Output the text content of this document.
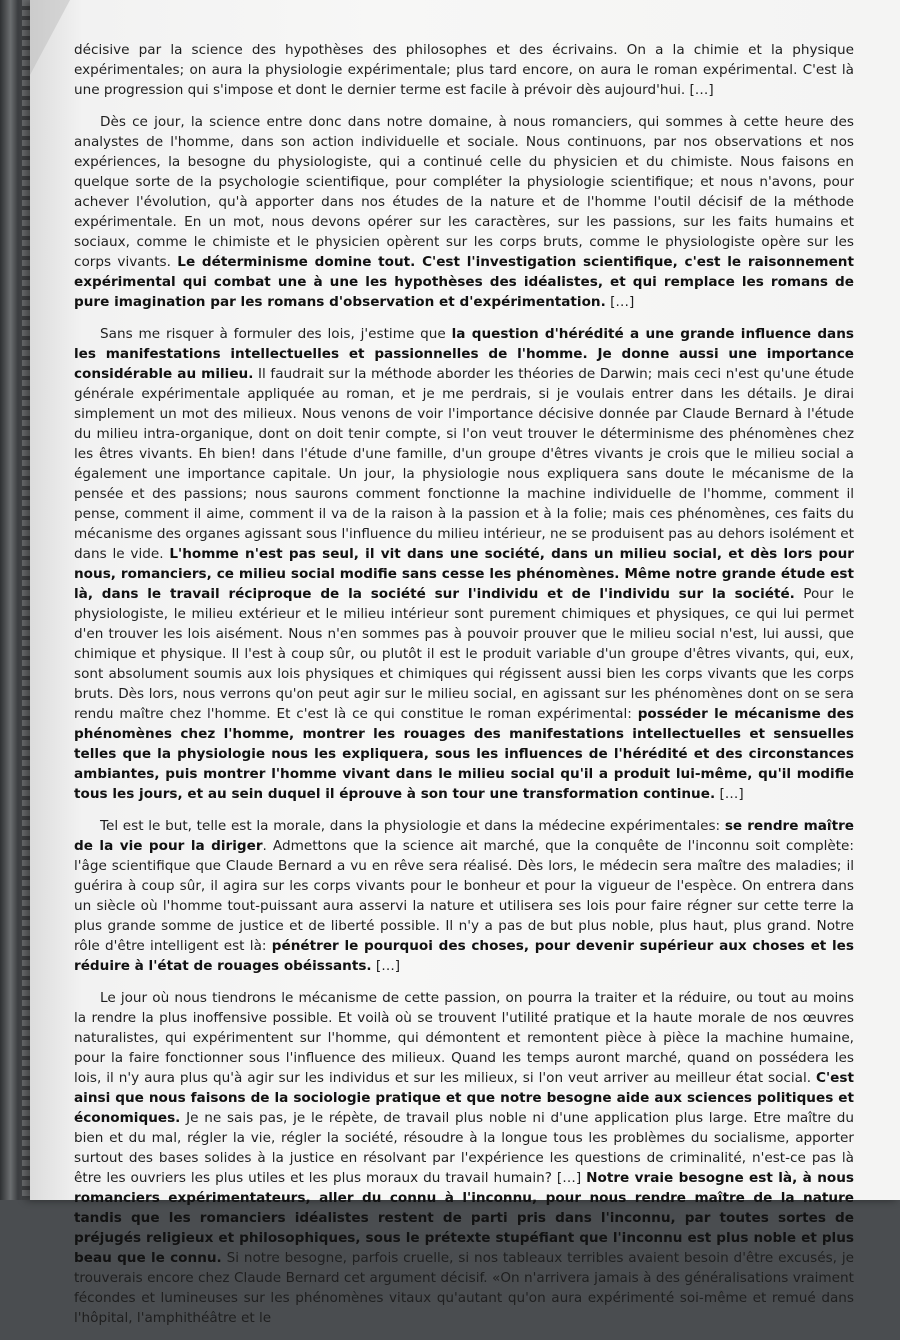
décisive par la science des hypothèses des philosophes et des écrivains. On a la chimie et la physique expérimentales; on aura la physiologie expérimentale; plus tard encore, on aura le roman expérimental. C'est là une progression qui s'impose et dont le dernier terme est facile à prévoir dès aujourd'hui. […]

Dès ce jour, la science entre donc dans notre domaine, à nous romanciers, qui sommes à cette heure des analystes de l'homme, dans son action individuelle et sociale. Nous continuons, par nos observations et nos expériences, la besogne du physiologiste, qui a continué celle du physicien et du chimiste. Nous faisons en quelque sorte de la psychologie scientifique, pour compléter la physiologie scientifique; et nous n'avons, pour achever l'évolution, qu'à apporter dans nos études de la nature et de l'homme l'outil décisif de la méthode expérimentale. En un mot, nous devons opérer sur les caractères, sur les passions, sur les faits humains et sociaux, comme le chimiste et le physicien opèrent sur les corps bruts, comme le physiologiste opère sur les corps vivants. Le déterminisme domine tout. C'est l'investigation scientifique, c'est le raisonnement expérimental qui combat une à une les hypothèses des idéalistes, et qui remplace les romans de pure imagination par les romans d'observation et d'expérimentation. […]

Sans me risquer à formuler des lois, j'estime que la question d'hérédité a une grande influence dans les manifestations intellectuelles et passionnelles de l'homme. Je donne aussi une importance considérable au milieu. Il faudrait sur la méthode aborder les théories de Darwin; mais ceci n'est qu'une étude générale expérimentale appliquée au roman, et je me perdrais, si je voulais entrer dans les détails. Je dirai simplement un mot des milieux. Nous venons de voir l'importance décisive donnée par Claude Bernard à l'étude du milieu intra-organique, dont on doit tenir compte, si l'on veut trouver le déterminisme des phénomènes chez les êtres vivants. Eh bien! dans l'étude d'une famille, d'un groupe d'êtres vivants je crois que le milieu social a également une importance capitale. Un jour, la physiologie nous expliquera sans doute le mécanisme de la pensée et des passions; nous saurons comment fonctionne la machine individuelle de l'homme, comment il pense, comment il aime, comment il va de la raison à la passion et à la folie; mais ces phénomènes, ces faits du mécanisme des organes agissant sous l'influence du milieu intérieur, ne se produisent pas au dehors isolément et dans le vide. L'homme n'est pas seul, il vit dans une société, dans un milieu social, et dès lors pour nous, romanciers, ce milieu social modifie sans cesse les phénomènes. Même notre grande étude est là, dans le travail réciproque de la société sur l'individu et de l'individu sur la société. Pour le physiologiste, le milieu extérieur et le milieu intérieur sont purement chimiques et physiques, ce qui lui permet d'en trouver les lois aisément. Nous n'en sommes pas à pouvoir prouver que le milieu social n'est, lui aussi, que chimique et physique. Il l'est à coup sûr, ou plutôt il est le produit variable d'un groupe d'êtres vivants, qui, eux, sont absolument soumis aux lois physiques et chimiques qui régissent aussi bien les corps vivants que les corps bruts. Dès lors, nous verrons qu'on peut agir sur le milieu social, en agissant sur les phénomènes dont on se sera rendu maître chez l'homme. Et c'est là ce qui constitue le roman expérimental: posséder le mécanisme des phénomènes chez l'homme, montrer les rouages des manifestations intellectuelles et sensuelles telles que la physiologie nous les expliquera, sous les influences de l'hérédité et des circonstances ambiantes, puis montrer l'homme vivant dans le milieu social qu'il a produit lui-même, qu'il modifie tous les jours, et au sein duquel il éprouve à son tour une transformation continue. […]

Tel est le but, telle est la morale, dans la physiologie et dans la médecine expérimentales: se rendre maître de la vie pour la diriger. Admettons que la science ait marché, que la conquête de l'inconnu soit complète: l'âge scientifique que Claude Bernard a vu en rêve sera réalisé. Dès lors, le médecin sera maître des maladies; il guérira à coup sûr, il agira sur les corps vivants pour le bonheur et pour la vigueur de l'espèce. On entrera dans un siècle où l'homme tout-puissant aura asservi la nature et utilisera ses lois pour faire régner sur cette terre la plus grande somme de justice et de liberté possible. Il n'y a pas de but plus noble, plus haut, plus grand. Notre rôle d'être intelligent est là: pénétrer le pourquoi des choses, pour devenir supérieur aux choses et les réduire à l'état de rouages obéissants. […]

Le jour où nous tiendrons le mécanisme de cette passion, on pourra la traiter et la réduire, ou tout au moins la rendre la plus inoffensive possible. Et voilà où se trouvent l'utilité pratique et la haute morale de nos œuvres naturalistes, qui expérimentent sur l'homme, qui démontent et remontent pièce à pièce la machine humaine, pour la faire fonctionner sous l'influence des milieux. Quand les temps auront marché, quand on possédera les lois, il n'y aura plus qu'à agir sur les individus et sur les milieux, si l'on veut arriver au meilleur état social. C'est ainsi que nous faisons de la sociologie pratique et que notre besogne aide aux sciences politiques et économiques. Je ne sais pas, je le répète, de travail plus noble ni d'une application plus large. Etre maître du bien et du mal, régler la vie, régler la société, résoudre à la longue tous les problèmes du socialisme, apporter surtout des bases solides à la justice en résolvant par l'expérience les questions de criminalité, n'est-ce pas là être les ouvriers les plus utiles et les plus moraux du travail humain? […] Notre vraie besogne est là, à nous romanciers expérimentateurs, aller du connu à l'inconnu, pour nous rendre maître de la nature tandis que les romanciers idéalistes restent de parti pris dans l'inconnu, par toutes sortes de préjugés religieux et philosophiques, sous le prétexte stupéfiant que l'inconnu est plus noble et plus beau que le connu. Si notre besogne, parfois cruelle, si nos tableaux terribles avaient besoin d'être excusés, je trouverais encore chez Claude Bernard cet argument décisif. «On n'arrivera jamais à des généralisations vraiment fécondes et lumineuses sur les phénomènes vitaux qu'autant qu'on aura expérimenté soi-même et remué dans l'hôpital, l'amphithéâtre et le
